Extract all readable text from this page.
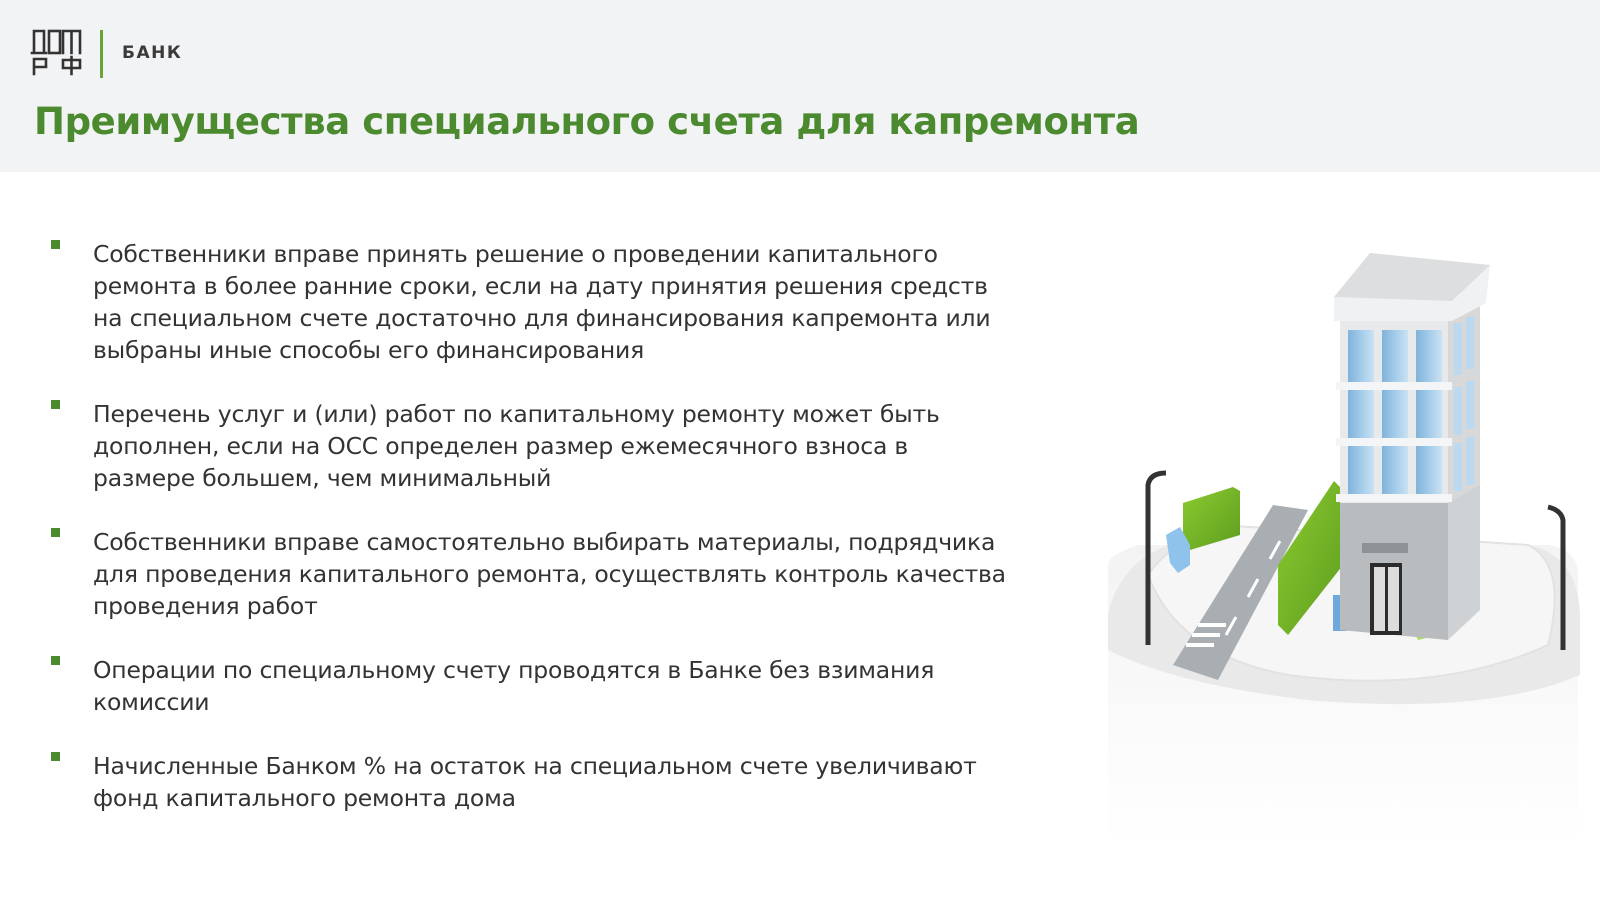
БАНК
Преимущества специального счета для капремонта
Собственники вправе принять решение о проведении капитального ремонта в более ранние сроки, если на дату принятия решения средств на специальном счете достаточно для финансирования капремонта или выбраны иные способы его финансирования
Перечень услуг и (или) работ по капитальному ремонту может быть дополнен, если на ОСС определен размер ежемесячного взноса в размере большем, чем минимальный
Собственники вправе самостоятельно выбирать материалы, подрядчика для проведения капитального ремонта, осуществлять контроль качества проведения работ
Операции по специальному счету проводятся в Банке без взимания комиссии
Начисленные Банком % на остаток на специальном счете увеличивают фонд капитального ремонта дома
